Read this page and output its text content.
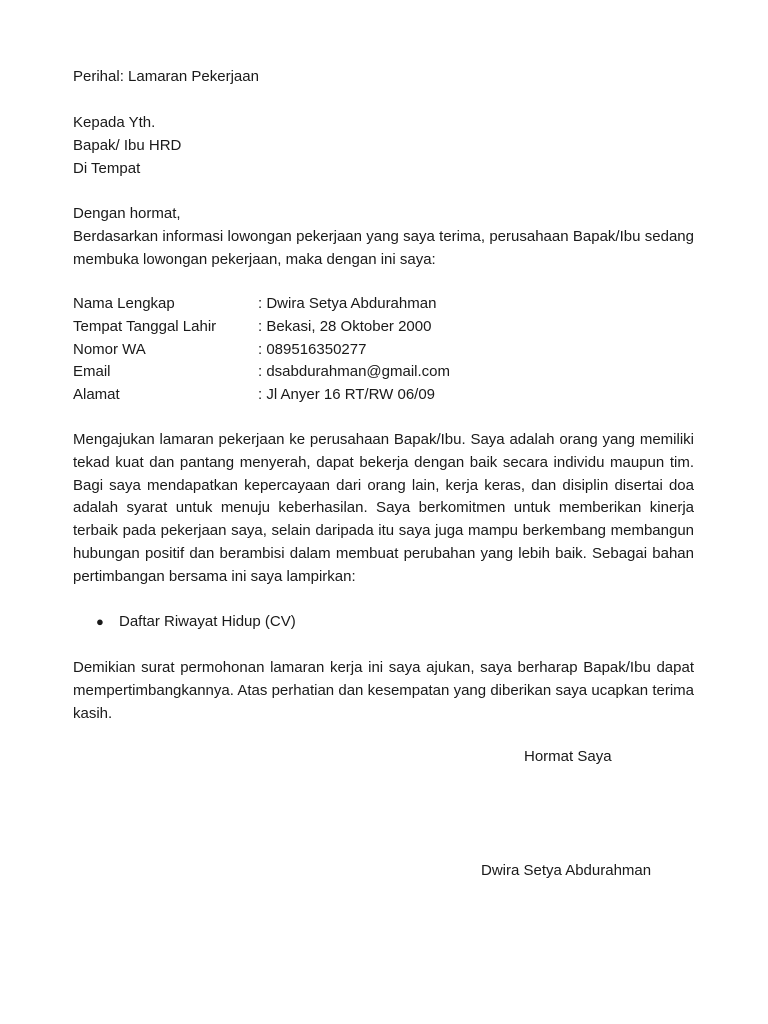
Perihal: Lamaran Pekerjaan
Kepada Yth.
Bapak/ Ibu HRD
Di Tempat
Dengan hormat,
Berdasarkan informasi lowongan pekerjaan yang saya terima, perusahaan Bapak/Ibu sedang membuka lowongan pekerjaan, maka dengan ini saya:
Nama Lengkap	: Dwira Setya Abdurahman
Tempat Tanggal Lahir	: Bekasi, 28 Oktober 2000
Nomor WA	: 089516350277
Email	: dsabdurahman@gmail.com
Alamat	: Jl Anyer 16 RT/RW 06/09
Mengajukan lamaran pekerjaan ke perusahaan Bapak/Ibu. Saya adalah orang yang memiliki tekad kuat dan pantang menyerah, dapat bekerja dengan baik secara individu maupun tim. Bagi saya mendapatkan kepercayaan dari orang lain, kerja keras, dan disiplin disertai doa adalah syarat untuk menuju keberhasilan. Saya berkomitmen untuk memberikan kinerja terbaik pada pekerjaan saya, selain daripada itu saya juga mampu berkembang membangun hubungan positif dan berambisi dalam membuat perubahan yang lebih baik. Sebagai bahan pertimbangan bersama ini saya lampirkan:
● Daftar Riwayat Hidup (CV)
Demikian surat permohonan lamaran kerja ini saya ajukan, saya berharap Bapak/Ibu dapat mempertimbangkannya. Atas perhatian dan kesempatan yang diberikan saya ucapkan terima kasih.
Hormat Saya
Dwira Setya Abdurahman
